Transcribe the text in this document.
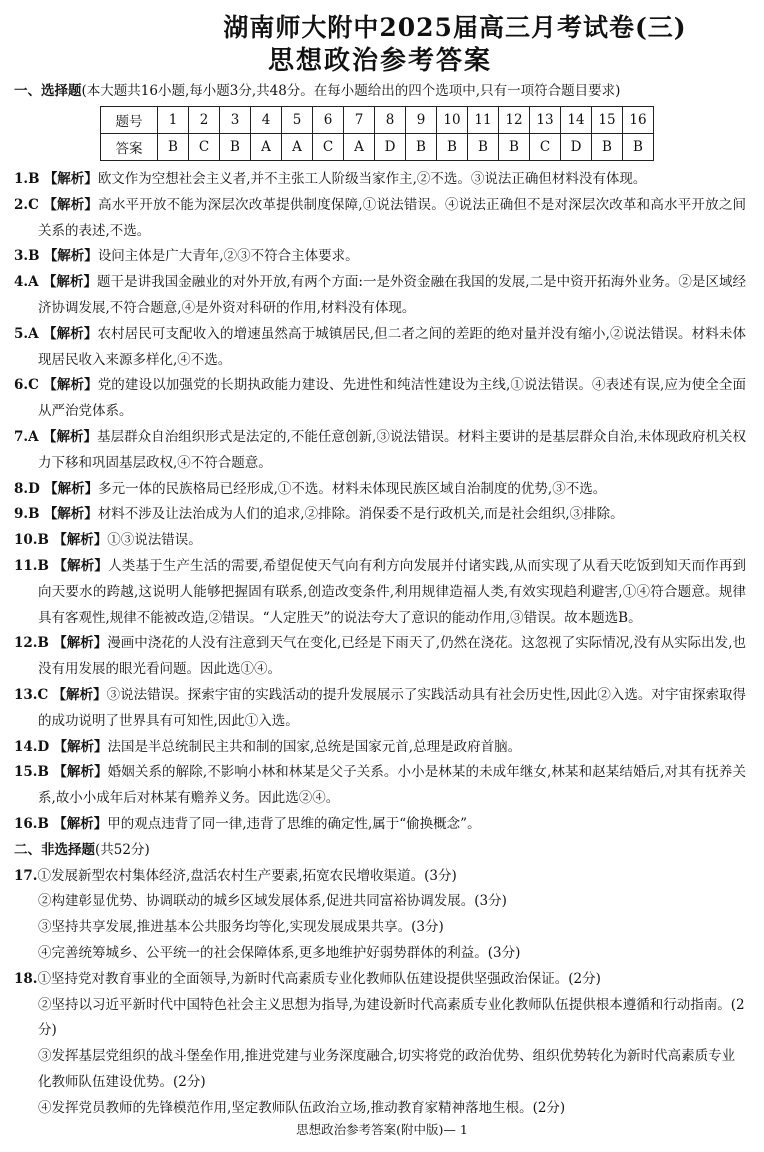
湖南师大附中2025届高三月考试卷(三)
思想政治参考答案
一、选择题(本大题共16小题,每小题3分,共48分。在每小题给出的四个选项中,只有一项符合题目要求)
题号	1	2	3	4	5	6	7	8	9	10	11	12	13	14	15	16
答案	B	C	B	A	A	C	A	D	B	B	B	B	C	D	B	B
1.B 【解析】欧文作为空想社会主义者,并不主张工人阶级当家作主,②不选。③说法正确但材料没有体现。
2.C 【解析】高水平开放不能为深层次改革提供制度保障,①说法错误。④说法正确但不是对深层次改革和高水平开放之间关系的表述,不选。
3.B 【解析】设问主体是广大青年,②③不符合主体要求。
4.A 【解析】题干是讲我国金融业的对外开放,有两个方面:一是外资金融在我国的发展,二是中资开拓海外业务。②是区域经济协调发展,不符合题意,④是外资对科研的作用,材料没有体现。
5.A 【解析】农村居民可支配收入的增速虽然高于城镇居民,但二者之间的差距的绝对量并没有缩小,②说法错误。材料未体现居民收入来源多样化,④不选。
6.C 【解析】党的建设以加强党的长期执政能力建设、先进性和纯洁性建设为主线,①说法错误。④表述有误,应为使全全面从严治党体系。
7.A 【解析】基层群众自治组织形式是法定的,不能任意创新,③说法错误。材料主要讲的是基层群众自治,未体现政府机关权力下移和巩固基层政权,④不符合题意。
8.D 【解析】多元一体的民族格局已经形成,①不选。材料未体现民族区域自治制度的优势,③不选。
9.B 【解析】材料不涉及让法治成为人们的追求,②排除。消保委不是行政机关,而是社会组织,③排除。
10.B 【解析】①③说法错误。
11.B 【解析】人类基于生产生活的需要,希望促使天气向有利方向发展并付诸实践,从而实现了从看天吃饭到知天而作再到向天要水的跨越,这说明人能够把握固有联系,创造改变条件,利用规律造福人类,有效实现趋利避害,①④符合题意。规律具有客观性,规律不能被改造,②错误。“人定胜天”的说法夸大了意识的能动作用,③错误。故本题选B。
12.B 【解析】漫画中浇花的人没有注意到天气在变化,已经是下雨天了,仍然在浇花。这忽视了实际情况,没有从实际出发,也没有用发展的眼光看问题。因此选①④。
13.C 【解析】③说法错误。探索宇宙的实践活动的提升发展展示了实践活动具有社会历史性,因此②入选。对宇宙探索取得的成功说明了世界具有可知性,因此①入选。
14.D 【解析】法国是半总统制民主共和制的国家,总统是国家元首,总理是政府首脑。
15.B 【解析】婚姻关系的解除,不影响小林和林某是父子关系。小小是林某的未成年继女,林某和赵某结婚后,对其有抚养关系,故小小成年后对林某有赡养义务。因此选②④。
16.B 【解析】甲的观点违背了同一律,违背了思维的确定性,属于“偷换概念”。
二、非选择题(共52分)
17.①发展新型农村集体经济,盘活农村生产要素,拓宽农民增收渠道。(3分)
②构建彰显优势、协调联动的城乡区域发展体系,促进共同富裕协调发展。(3分)
③坚持共享发展,推进基本公共服务均等化,实现发展成果共享。(3分)
④完善统筹城乡、公平统一的社会保障体系,更多地维护好弱势群体的利益。(3分)
18.①坚持党对教育事业的全面领导,为新时代高素质专业化教师队伍建设提供坚强政治保证。(2分)
②坚持以习近平新时代中国特色社会主义思想为指导,为建设新时代高素质专业化教师队伍提供根本遵循和行动指南。(2分)
③发挥基层党组织的战斗堡垒作用,推进党建与业务深度融合,切实将党的政治优势、组织优势转化为新时代高素质专业化教师队伍建设优势。(2分)
④发挥党员教师的先锋模范作用,坚定教师队伍政治立场,推动教育家精神落地生根。(2分)
思想政治参考答案(附中版)— 1
